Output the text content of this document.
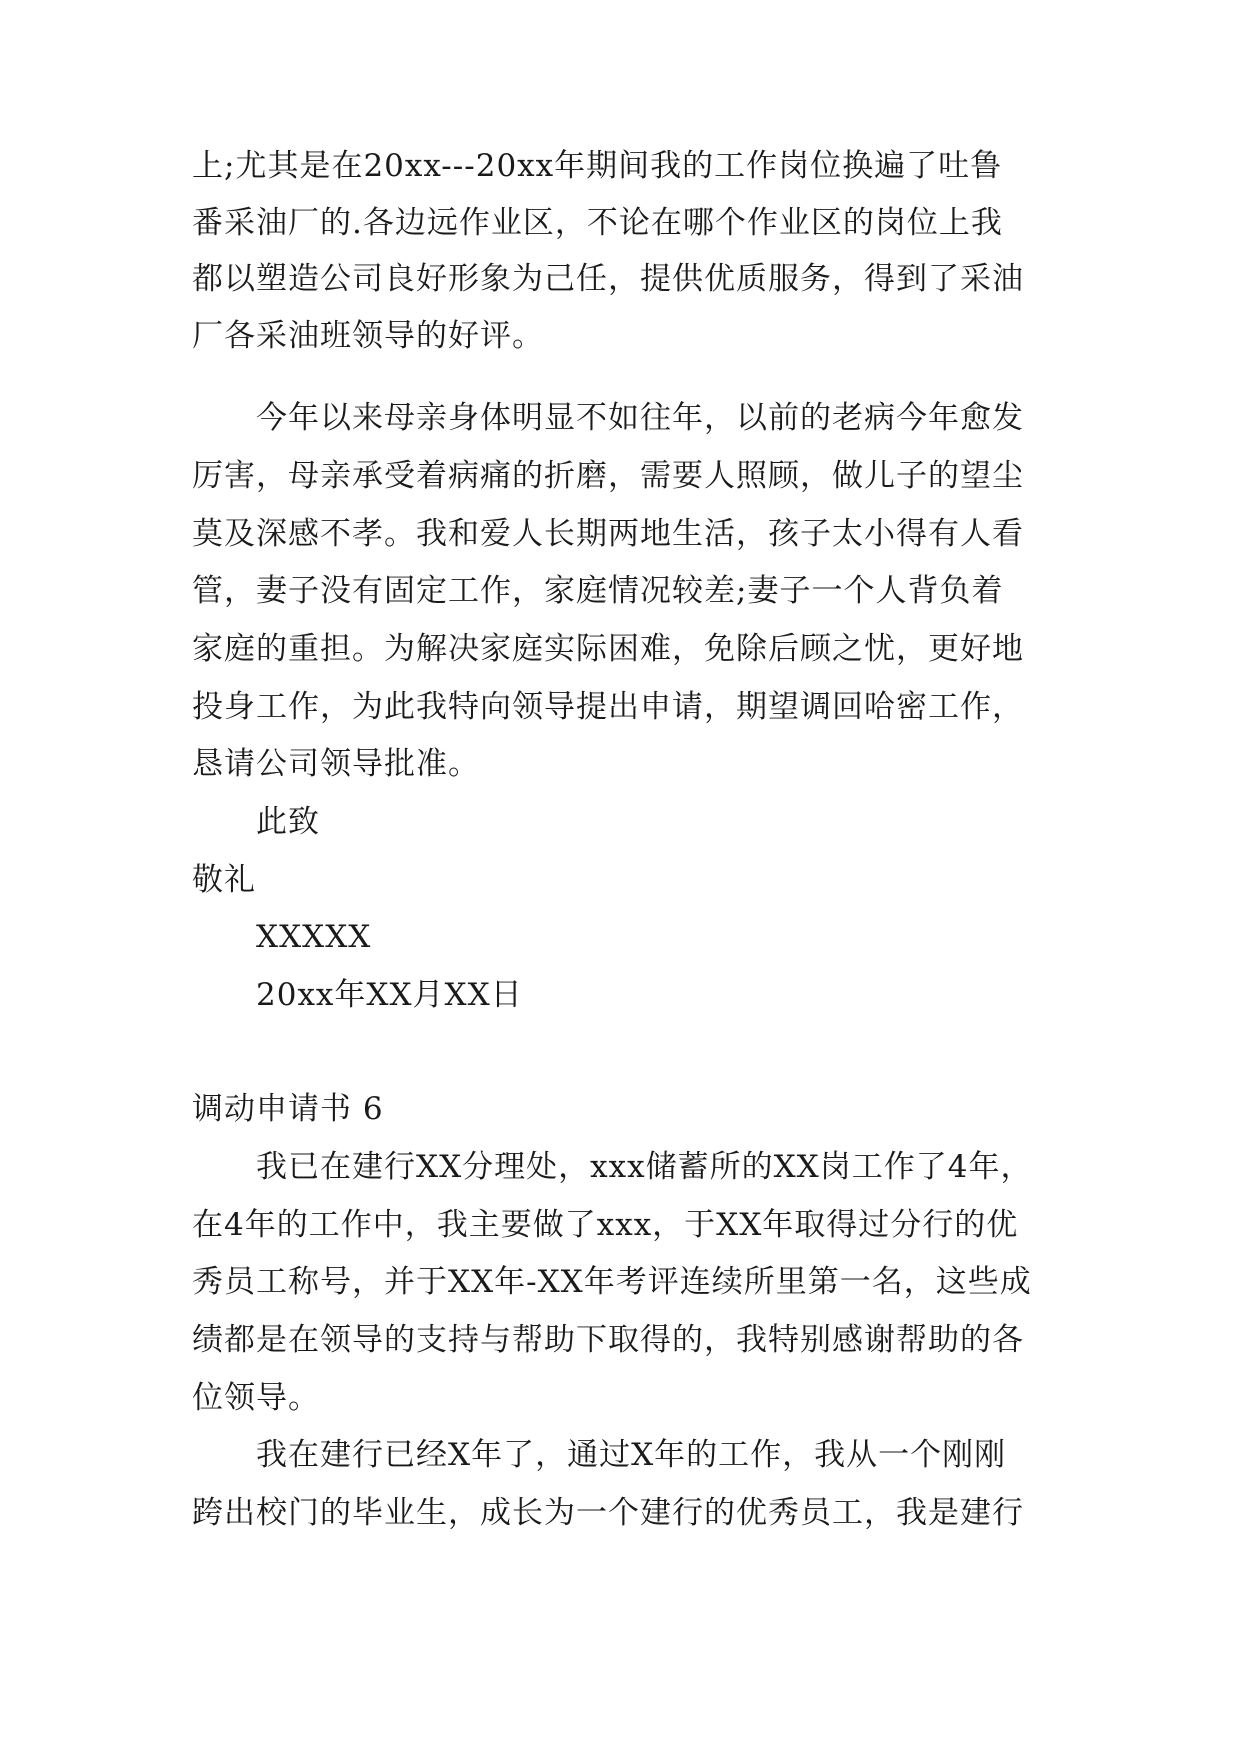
上;尤其是在20xx---20xx年期间我的工作岗位换遍了吐鲁
番采油厂的.各边远作业区，不论在哪个作业区的岗位上我
都以塑造公司良好形象为己任，提供优质服务，得到了采油
厂各采油班领导的好评。
今年以来母亲身体明显不如往年，以前的老病今年愈发
厉害，母亲承受着病痛的折磨，需要人照顾，做儿子的望尘
莫及深感不孝。我和爱人长期两地生活，孩子太小得有人看
管，妻子没有固定工作，家庭情况较差;妻子一个人背负着
家庭的重担。为解决家庭实际困难，免除后顾之忧，更好地
投身工作，为此我特向领导提出申请，期望调回哈密工作，
恳请公司领导批准。
此致
敬礼
XXXXX
20xx年XX月XX日
调动申请书 6
我已在建行XX分理处，xxx储蓄所的XX岗工作了4年，
在4年的工作中，我主要做了xxx，于XX年取得过分行的优
秀员工称号，并于XX年-XX年考评连续所里第一名，这些成
绩都是在领导的支持与帮助下取得的，我特别感谢帮助的各
位领导。
我在建行已经X年了，通过X年的工作，我从一个刚刚
跨出校门的毕业生，成长为一个建行的优秀员工，我是建行
